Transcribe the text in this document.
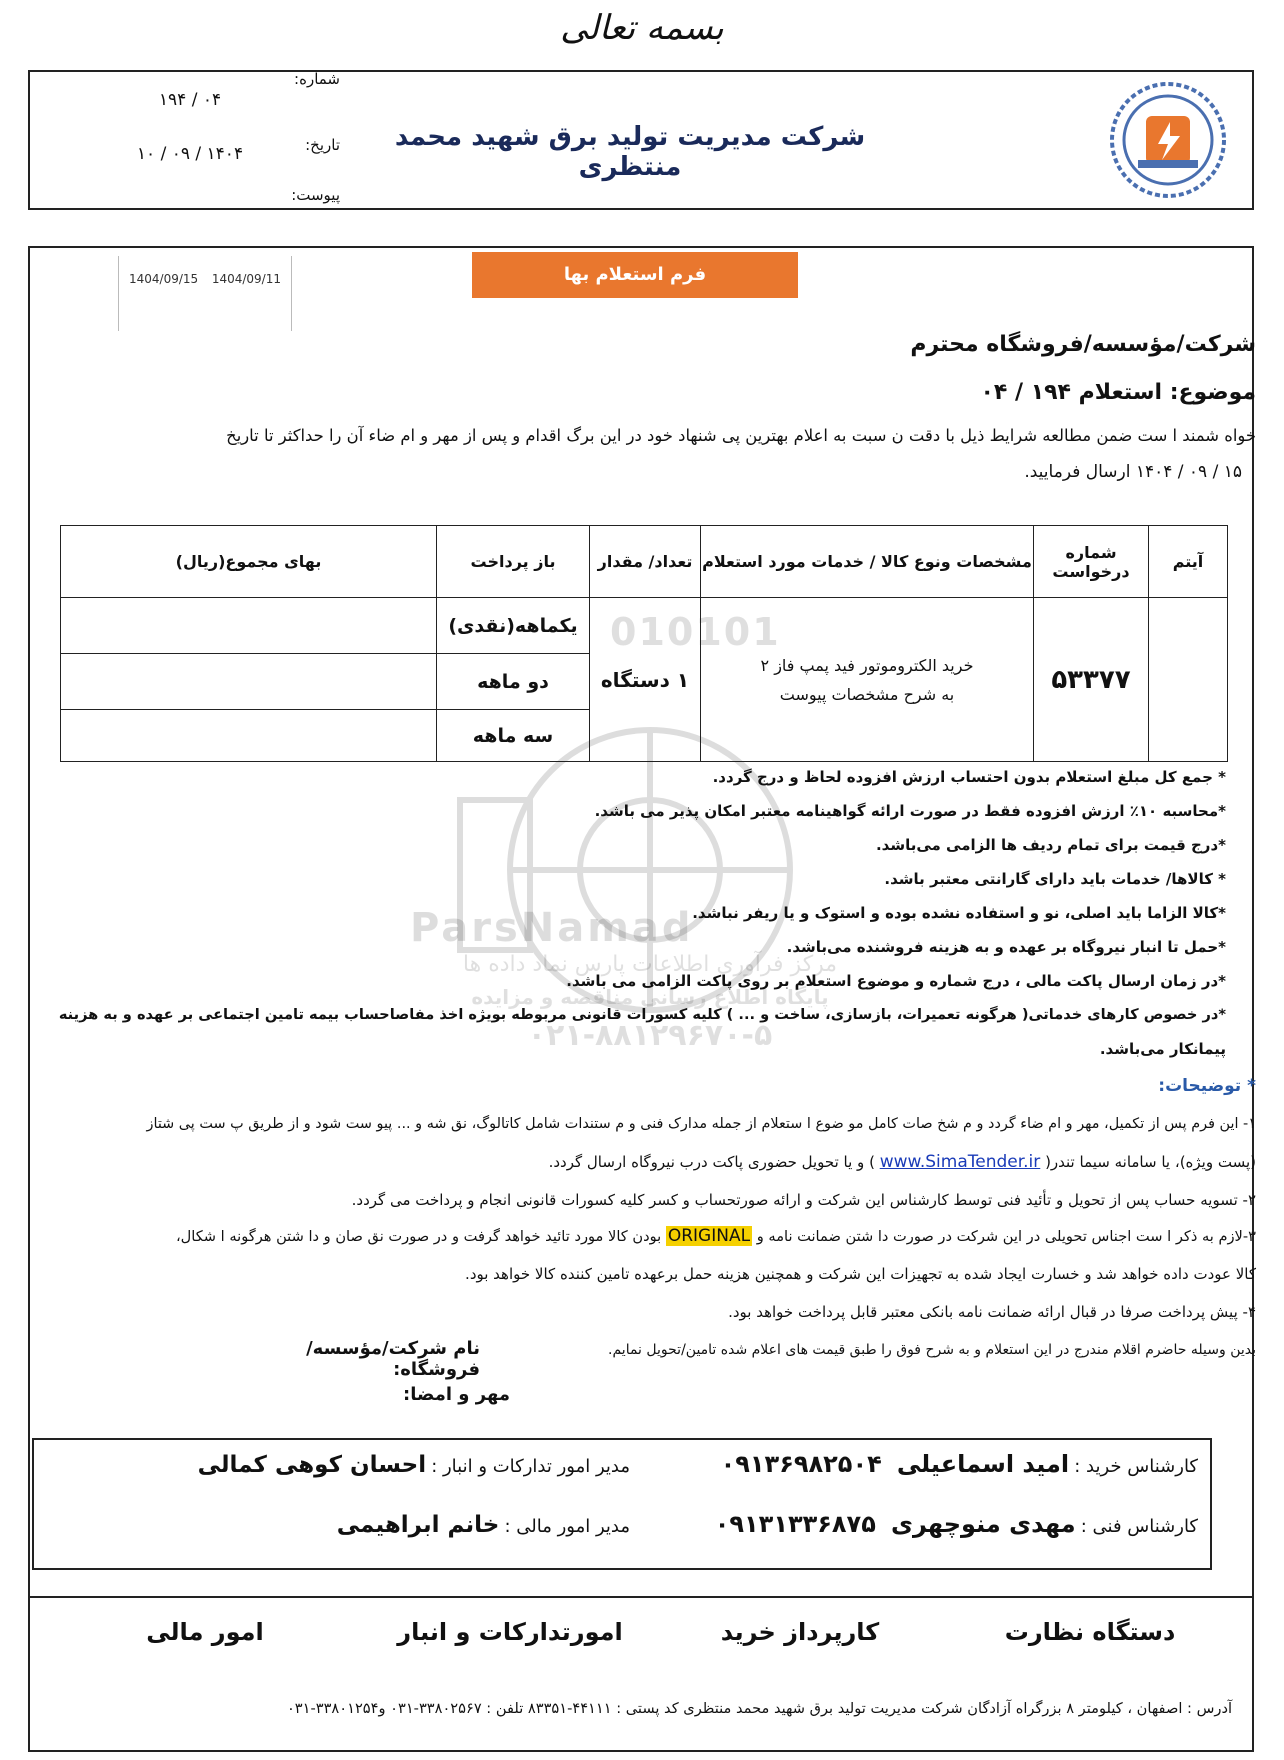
بسمه تعالی
شرکت مدیریت تولید برق شهید محمد منتظری
شماره:
۰۴ / ۱۹۴
تاریخ:
۱۴۰۴ / ۰۹ / ۱۰
پیوست:
010101
ParsNamad
مرکز فرآوری اطلاعات پارس نماد داده ها
پایگاه اطلاع رسانی مناقصه و مزایده
۰۲۱-۸۸۱۲۹۶۷۰-۵
فرم استعلام بها
1404/09/11
1404/09/15
شرکت/مؤسسه/فروشگاه محترم
موضوع: استعلام ۱۹۴ / ۰۴
خواه شمند ا ست ضمن مطالعه شرایط ذیل با دقت ن سبت به اعلام بهترین پی شنهاد خود در این برگ اقدام و پس از مهر و ام ضاء آن را حداکثر تا تاریخ
۱۵ / ۰۹ / ۱۴۰۴ ارسال فرمایید.
آیتم	شماره درخواست	مشخصات ونوع کالا / خدمات مورد استعلام	تعداد/ مقدار	باز پرداخت	بهای مجموع(ریال)
	۵۳۳۷۷	خرید الکتروموتور فید پمپ فاز ۲
به شرح مشخصات پیوست	۱ دستگاه	یکماهه(نقدی)	
				دو ماهه	
				سه ماهه	
* جمع کل مبلغ استعلام بدون احتساب ارزش افزوده لحاظ و درج گردد.
*محاسبه ۱۰٪ ارزش افزوده فقط در صورت ارائه گواهینامه معتبر امکان پذیر می باشد.
*درج قیمت برای تمام ردیف ها الزامی می‌باشد.
* کالاها/ خدمات باید دارای گارانتی معتبر باشد.
*کالا الزاما باید اصلی، نو و استفاده نشده بوده و استوک و یا ریفر نباشد.
*حمل تا انبار نیروگاه بر عهده و به هزینه فروشنده می‌باشد.
*در زمان ارسال پاکت مالی ، درج شماره و موضوع استعلام بر روی پاکت الزامی می باشد.
*در خصوص کارهای خدماتی( هرگونه تعمیرات، بازسازی، ساخت و ... ) کلیه کسورات قانونی مربوطه بویژه اخذ مفاصاحساب بیمه تامین اجتماعی بر عهده و به هزینه
پیمانکار می‌باشد.
* توضیحات:
۱- این فرم پس از تکمیل، مهر و ام ضاء گردد و م شخ صات کامل مو ضوع ا ستعلام از جمله مدارک فنی و م ستندات شامل کاتالوگ، نق شه و ... پیو ست شود و از طریق پ ست پی شتاز
(پست ویژه)، یا سامانه سیما تندر( www.SimaTender.ir ) و یا تحویل حضوری پاکت درب نیروگاه ارسال گردد.
۲- تسویه حساب پس از تحویل و تأئید فنی توسط کارشناس این شرکت و ارائه صورتحساب و کسر کلیه کسورات قانونی انجام و پرداخت می گردد.
۳-لازم به ذکر ا ست اجناس تحویلی در این شرکت در صورت دا شتن ضمانت نامه و ORIGINAL بودن کالا مورد تائید خواهد گرفت و در صورت نق صان و دا شتن هرگونه ا شکال،
کالا عودت داده خواهد شد و خسارت ایجاد شده به تجهیزات این شرکت و همچنین هزینه حمل برعهده تامین کننده کالا خواهد بود.
۴- پیش پرداخت صرفا در قبال ارائه ضمانت نامه بانکی معتبر قابل پرداخت خواهد بود.
بدین وسیله حاضرم اقلام مندرج در این استعلام و به شرح فوق را طبق قیمت های اعلام شده تامین/تحویل نمایم.
نام شرکت/مؤسسه/فروشگاه:
مهر و امضا:
کارشناس خرید : امید اسماعیلی ۰۹۱۳۶۹۸۲۵۰۴
کارشناس فنی : مهدی منوچهری ۰۹۱۳۱۳۳۶۸۷۵
مدیر امور تدارکات و انبار : احسان کوهی کمالی
مدیر امور مالی : خانم ابراهیمی
دستگاه نظارت
کارپرداز خرید
امورتدارکات و انبار
امور مالی
آدرس : اصفهان ، کیلومتر ۸ بزرگراه آزادگان شرکت مدیریت تولید برق شهید محمد منتظری کد پستی : ۴۴۱۱۱-۸۳۳۵۱ تلفن : ۳۳۸۰۲۵۶۷-۰۳۱ و۳۳۸۰۱۲۵۴-۰۳۱
